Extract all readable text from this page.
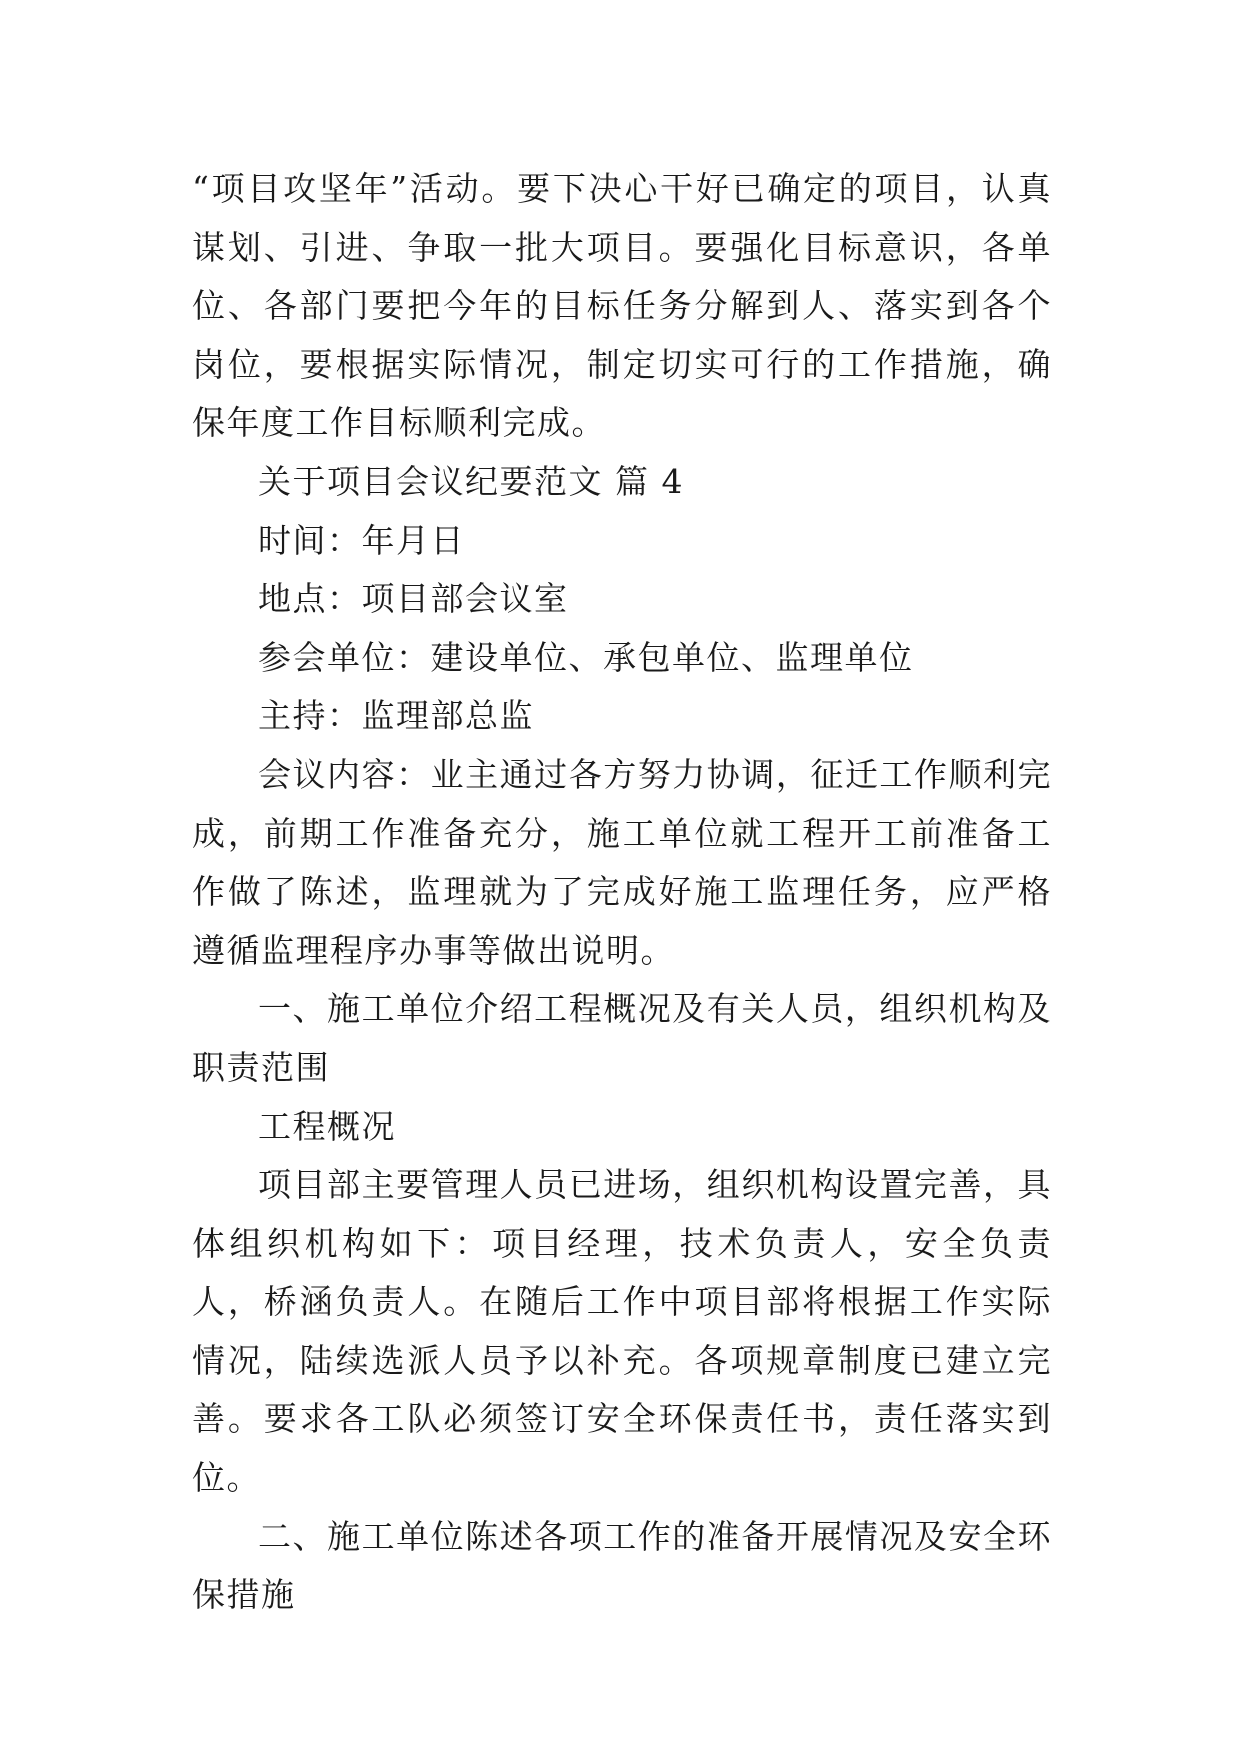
“项目攻坚年”活动。要下决心干好已确定的项目，认真谋划、引进、争取一批大项目。要强化目标意识，各单位、各部门要把今年的目标任务分解到人、落实到各个岗位，要根据实际情况，制定切实可行的工作措施，确保年度工作目标顺利完成。

关于项目会议纪要范文 篇 4

时间：年月日

地点：项目部会议室

参会单位：建设单位、承包单位、监理单位

主持：监理部总监

会议内容：业主通过各方努力协调，征迁工作顺利完成，前期工作准备充分，施工单位就工程开工前准备工作做了陈述，监理就为了完成好施工监理任务，应严格遵循监理程序办事等做出说明。

一、施工单位介绍工程概况及有关人员，组织机构及职责范围

工程概况

项目部主要管理人员已进场，组织机构设置完善，具体组织机构如下：项目经理，技术负责人，安全负责人，桥涵负责人。在随后工作中项目部将根据工作实际情况，陆续选派人员予以补充。各项规章制度已建立完善。要求各工队必须签订安全环保责任书，责任落实到位。

二、施工单位陈述各项工作的准备开展情况及安全环保措施
